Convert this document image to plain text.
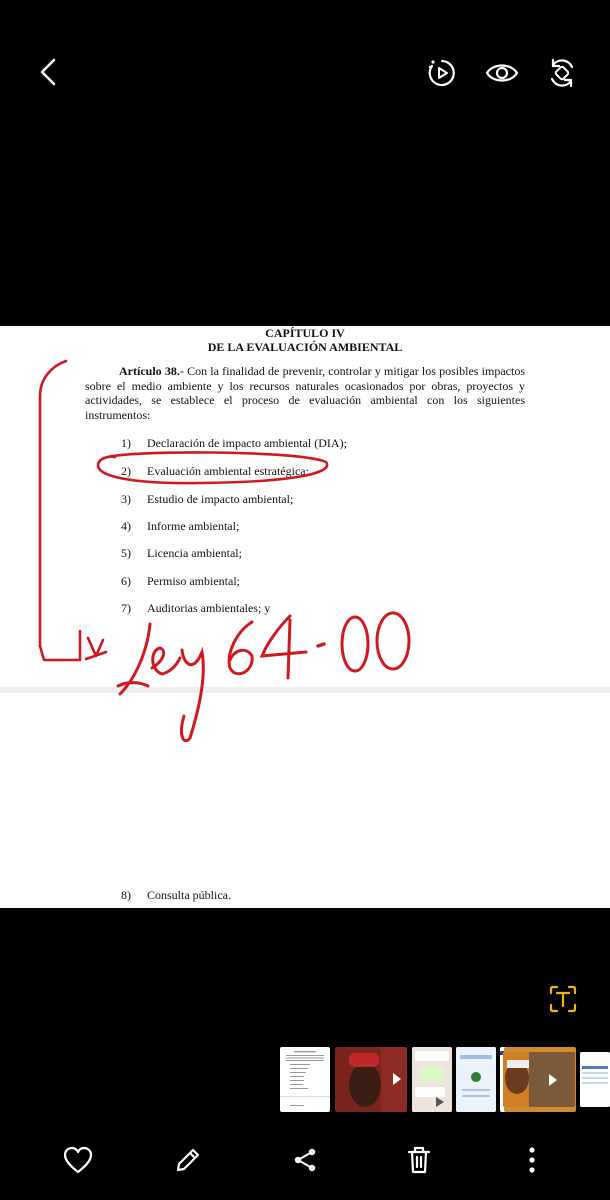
CAPÍTULO IV
DE LA EVALUACIÓN AMBIENTAL
Artículo 38.- Con la finalidad de prevenir, controlar y mitigar los posibles impactos sobre el medio ambiente y los recursos naturales ocasionados por obras, proyectos y actividades, se establece el proceso de evaluación ambiental con los siguientes instrumentos:
1) Declaración de impacto ambiental (DIA);
2) Evaluación ambiental estratégica;
3) Estudio de impacto ambiental;
4) Informe ambiental;
5) Licencia ambiental;
6) Permiso ambiental;
7) Auditorias ambientales; y
8) Consulta pública.
